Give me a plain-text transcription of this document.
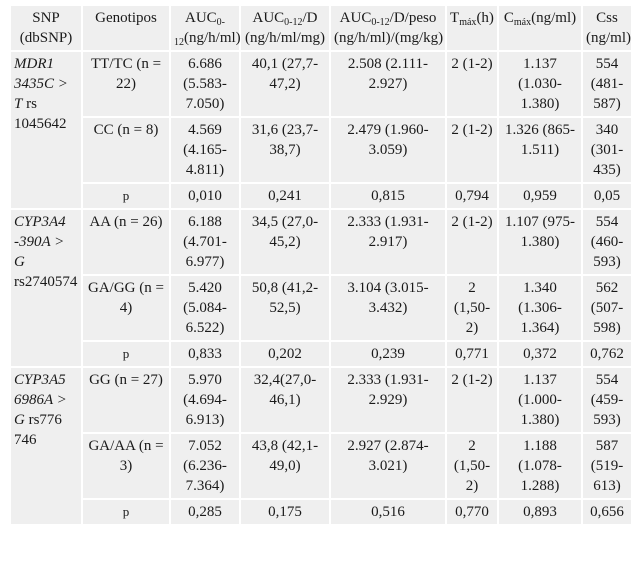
SNP (dbSNP)	Genotipos	$AUC_{0-12}(ng/h/ml)$	$AUC_{0-12}/D$ (ng/h/ml/mg)	$AUC_{0-12}/D$/peso (ng/h/ml)/(mg/kg)	$T_{máx}(h)$	$C_{máx}(ng/ml)$	Css (ng/ml)
MDR1 3435C > T rs 1045642	TT/TC (n = 22)	6.686 (5.583-7.050)	40,1 (27,7-47,2)	2.508 (2.111-2.927)	2 (1-2)	1.137 (1.030-1.380)	554 (481-587)
	CC (n = 8)	4.569 (4.165-4.811)	31,6 (23,7-38,7)	2.479 (1.960-3.059)	2 (1-2)	1.326 (865-1.511)	340 (301-435)
	p	0,010	0,241	0,815	0,794	0,959	0,05
CYP3A4 -390A > G rs2740574	AA (n = 26)	6.188 (4.701-6.977)	34,5 (27,0-45,2)	2.333 (1.931-2.917)	2 (1-2)	1.107 (975-1.380)	554 (460-593)
	GA/GG (n = 4)	5.420 (5.084-6.522)	50,8 (41,2-52,5)	3.104 (3.015-3.432)	2 (1,50-2)	1.340 (1.306-1.364)	562 (507-598)
	p	0,833	0,202	0,239	0,771	0,372	0,762
CYP3A5 6986A > G rs776 746	GG (n = 27)	5.970 (4.694-6.913)	32,4(27,0-46,1)	2.333 (1.931-2.929)	2 (1-2)	1.137 (1.000-1.380)	554 (459-593)
	GA/AA (n = 3)	7.052 (6.236-7.364)	43,8 (42,1-49,0)	2.927 (2.874-3.021)	2 (1,50-2)	1.188 (1.078-1.288)	587 (519-613)
	p	0,285	0,175	0,516	0,770	0,893	0,656
